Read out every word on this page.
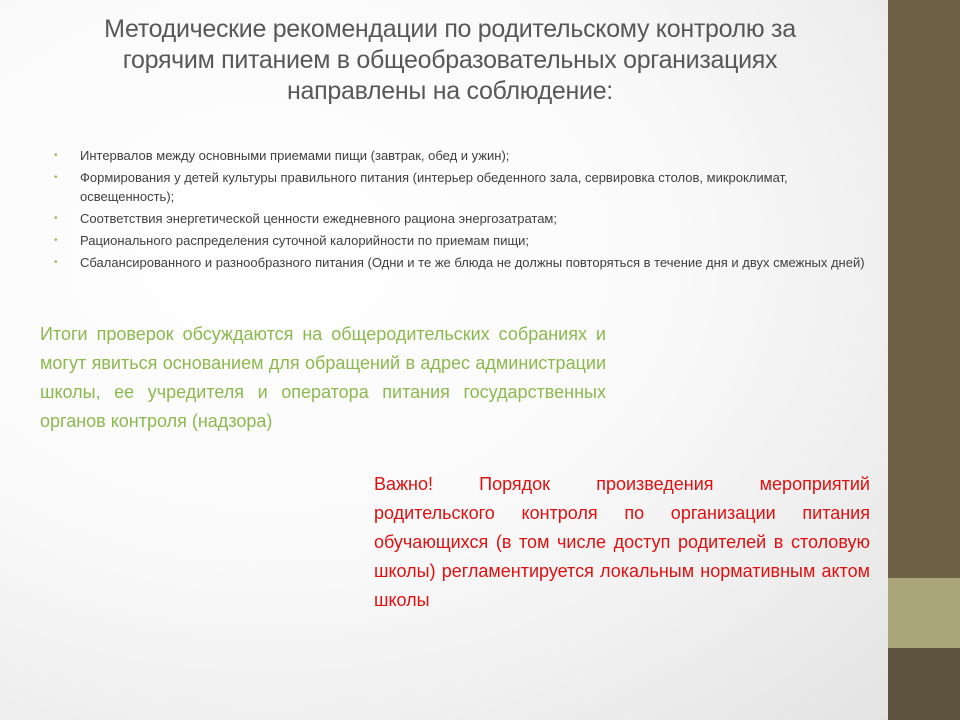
Методические рекомендации по родительскому контролю за
горячим питанием в общеобразовательных организациях
направлены на соблюдение:
• Интервалов между основными приемами пищи (завтрак, обед и ужин);
• Формирования у детей культуры правильного питания (интерьер обеденного зала, сервировка столов, микроклимат, освещенность);
• Соответствия энергетической ценности ежедневного рациона энергозатратам;
• Рационального распределения суточной калорийности по приемам пищи;
• Сбалансированного и разнообразного питания (Одни и те же блюда не должны повторяться в течение дня и двух смежных дней)

Итоги проверок обсуждаются на общеродительских собраниях и могут явиться основанием для обращений в адрес администрации школы, ее учредителя и оператора питания государственных органов контроля (надзора)

Важно! Порядок произведения мероприятий родительского контроля по организации питания обучающихся (в том числе доступ родителей в столовую школы) регламентируется локальным нормативным актом школы
